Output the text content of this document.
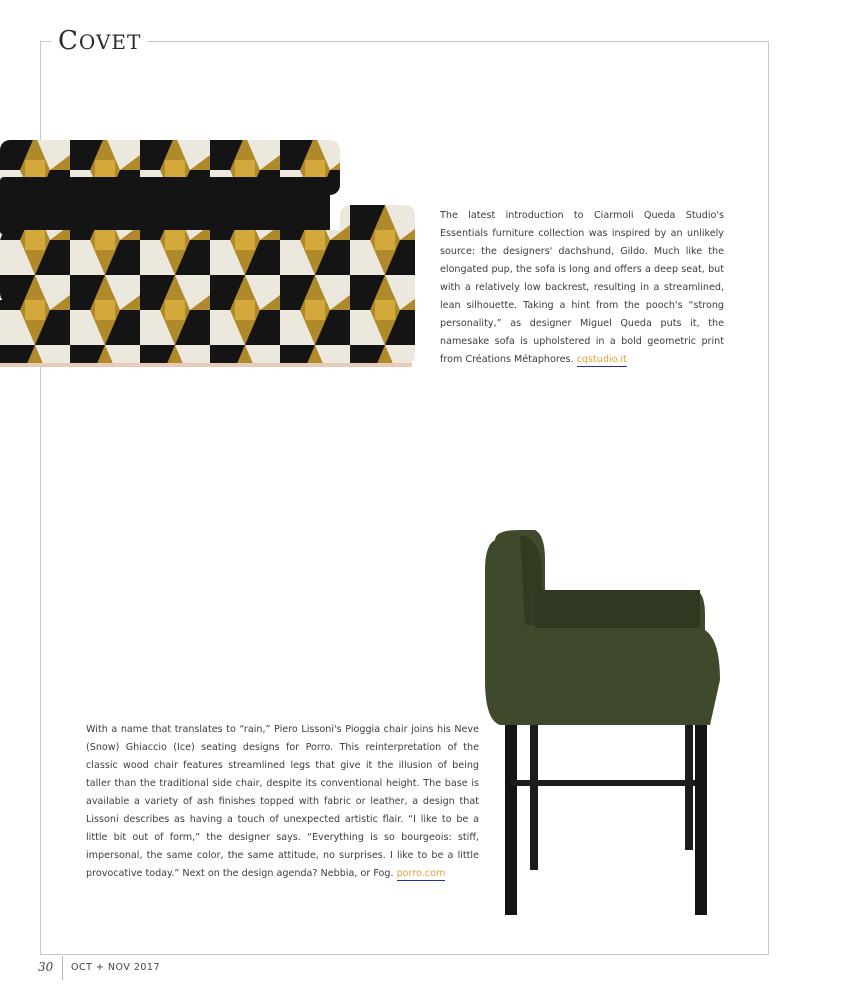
COVET

The latest introduction to Ciarmoli Queda Studio's Essentials furniture collection was inspired by an unlikely source: the designers' dachshund, Gildo. Much like the elongated pup, the sofa is long and offers a deep seat, but with a relatively low backrest, resulting in a streamlined, lean silhouette. Taking a hint from the pooch's “strong personality,” as designer Miguel Queda puts it, the namesake sofa is upholstered in a bold geometric print from Créations Métaphores. cqstudio.it

With a name that translates to “rain,” Piero Lissoni's Pioggia chair joins his Neve (Snow) Ghiaccio (Ice) seating designs for Porro. This reinterpretation of the classic wood chair features streamlined legs that give it the illusion of being taller than the traditional side chair, despite its conventional height. The base is available a variety of ash finishes topped with fabric or leather, a design that Lissoni describes as having a touch of unexpected artistic flair. “I like to be a little bit out of form,” the designer says. “Everything is so bourgeois: stiff, impersonal, the same color, the same attitude, no surprises. I like to be a little provocative today.” Next on the design agenda? Nebbia, or Fog. porro.com

30 OCT + NOV 2017
